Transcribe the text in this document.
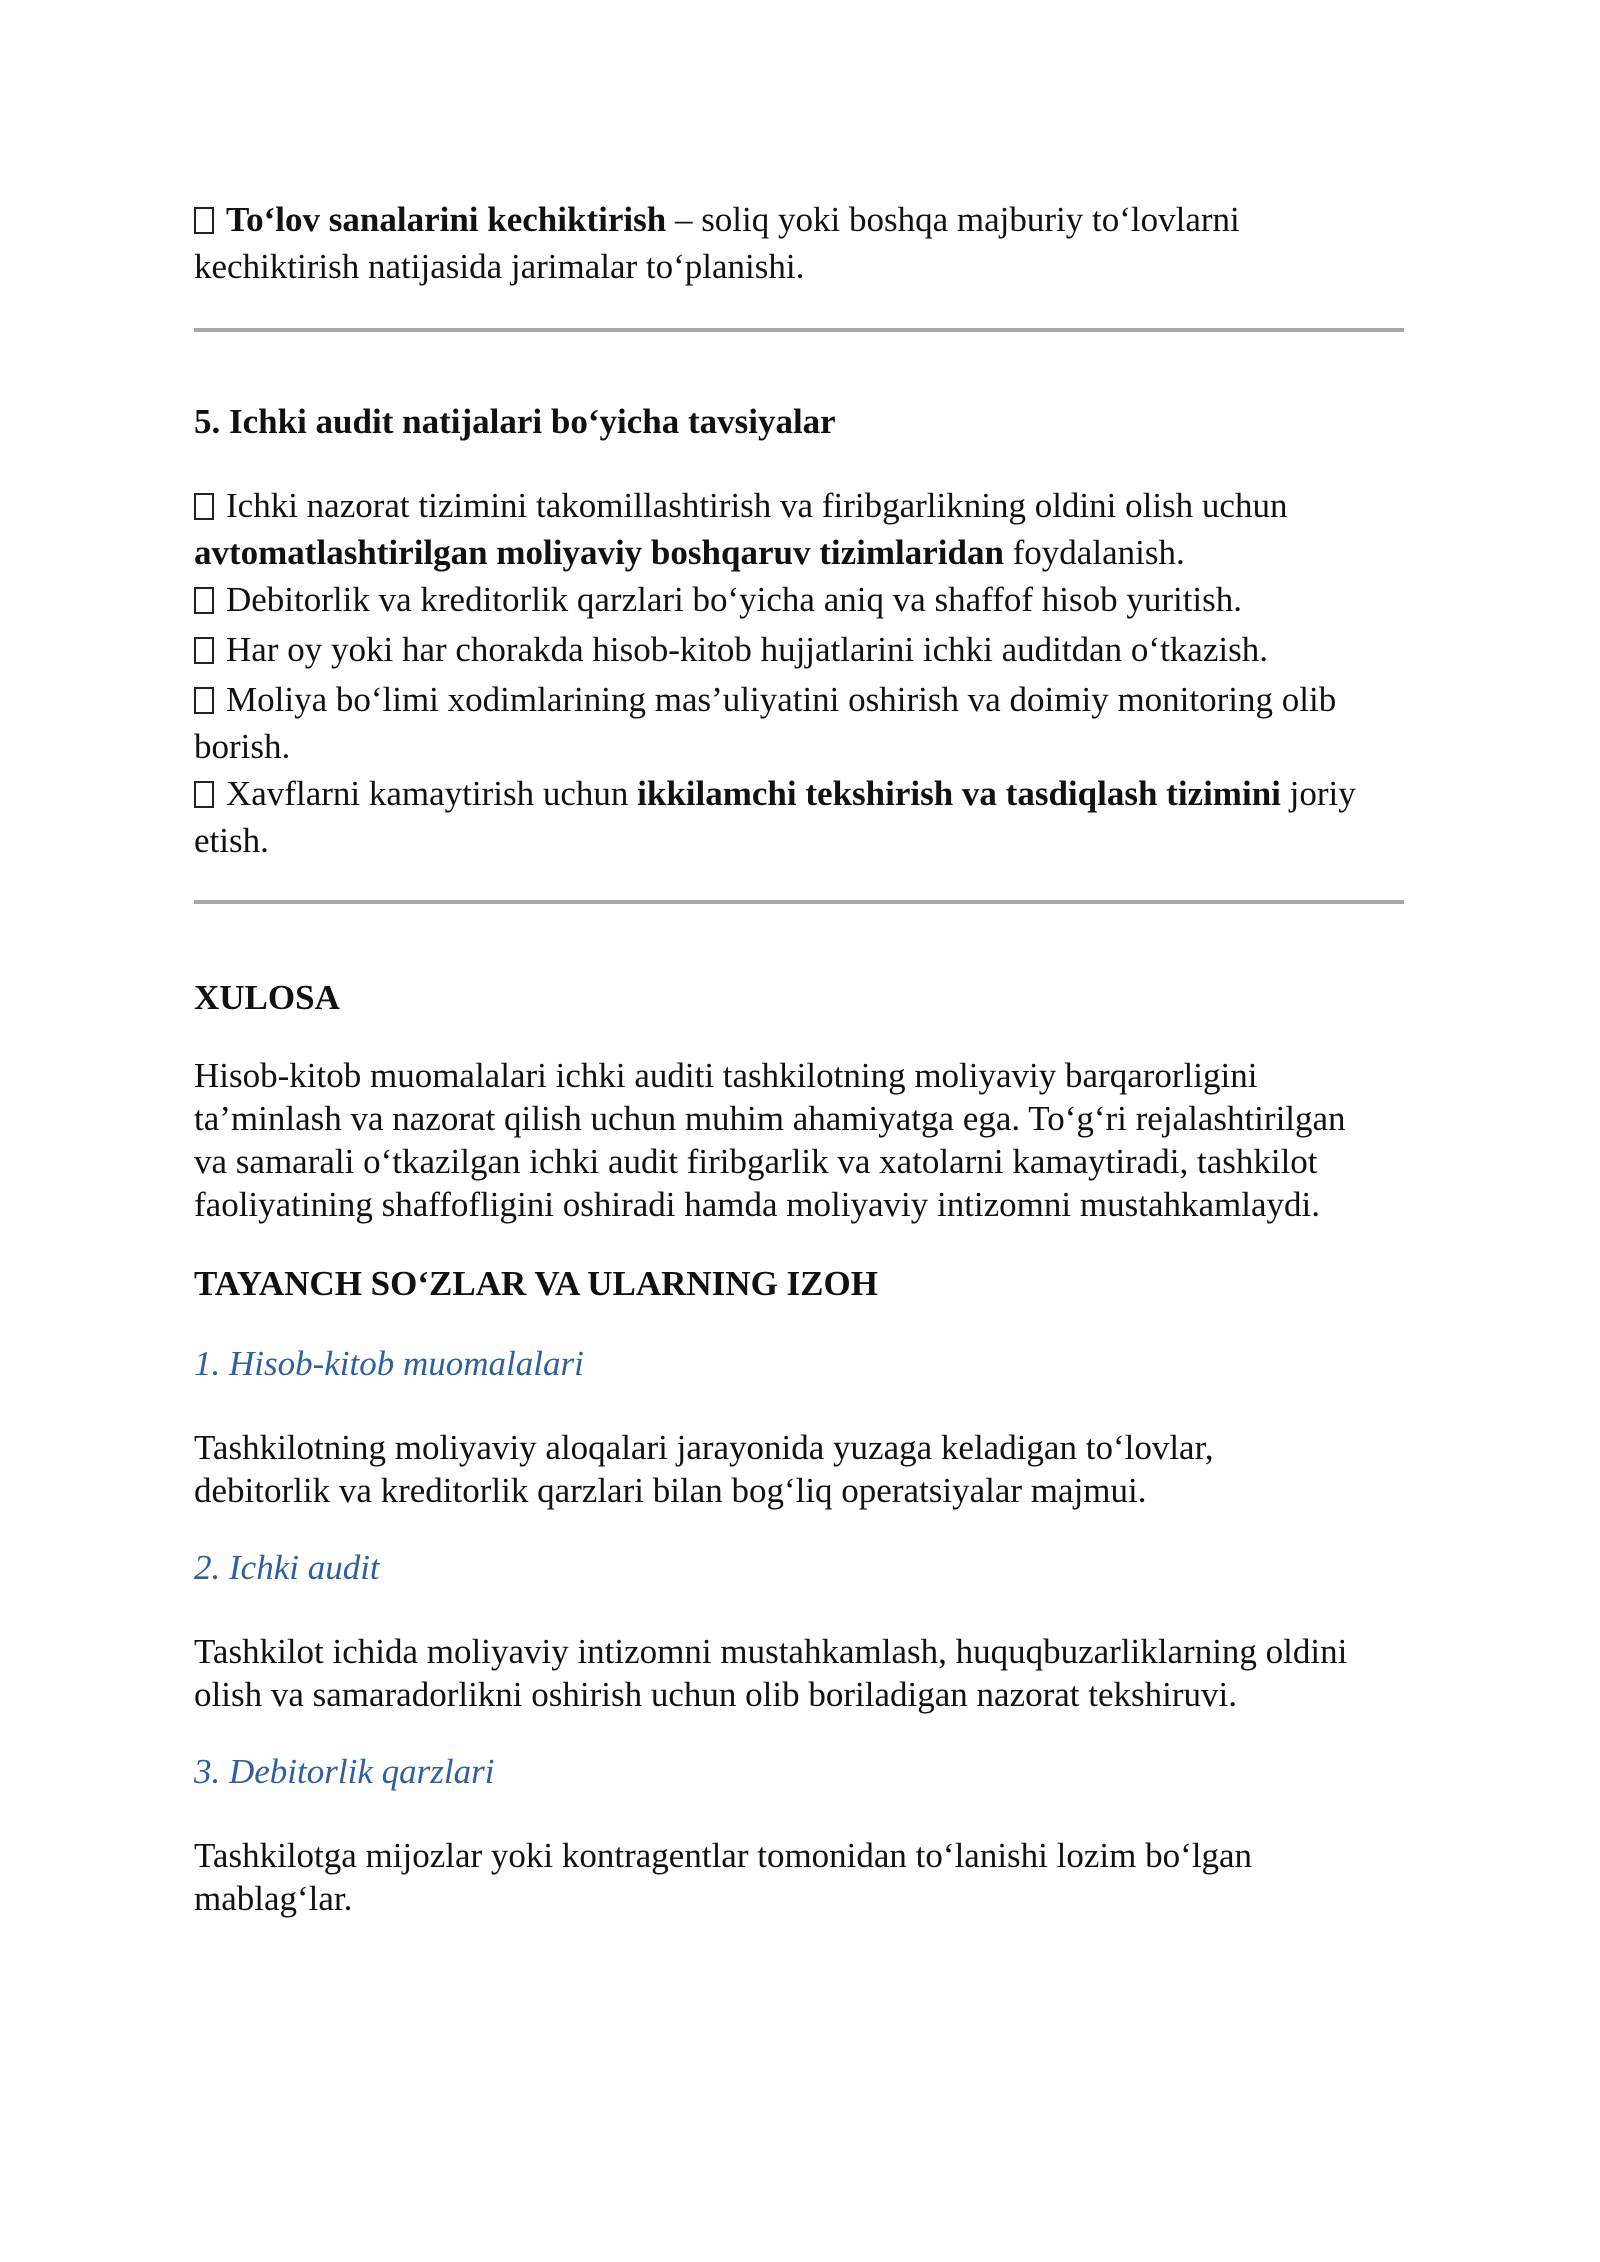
To‘lov sanalarini kechiktirish – soliq yoki boshqa majburiy to‘lovlarni kechiktirish natijasida jarimalar to‘planishi.

5. Ichki audit natijalari bo‘yicha tavsiyalar

Ichki nazorat tizimini takomillashtirish va firibgarlikning oldini olish uchun avtomatlashtirilgan moliyaviy boshqaruv tizimlaridan foydalanish.

Debitorlik va kreditorlik qarzlari bo‘yicha aniq va shaffof hisob yuritish.

Har oy yoki har chorakda hisob-kitob hujjatlarini ichki auditdan o‘tkazish.

Moliya bo‘limi xodimlarining mas’uliyatini oshirish va doimiy monitoring olib borish.

Xavflarni kamaytirish uchun ikkilamchi tekshirish va tasdiqlash tizimini joriy etish.

XULOSA

Hisob-kitob muomalalari ichki auditi tashkilotning moliyaviy barqarorligini ta’minlash va nazorat qilish uchun muhim ahamiyatga ega. To‘g‘ri rejalashtirilgan va samarali o‘tkazilgan ichki audit firibgarlik va xatolarni kamaytiradi, tashkilot faoliyatining shaffofligini oshiradi hamda moliyaviy intizomni mustahkamlaydi.

TAYANCH SO‘ZLAR VA ULARNING IZOH
1. Hisob-kitob muomalalari

Tashkilotning moliyaviy aloqalari jarayonida yuzaga keladigan to‘lovlar, debitorlik va kreditorlik qarzlari bilan bog‘liq operatsiyalar majmui.

2. Ichki audit

Tashkilot ichida moliyaviy intizomni mustahkamlash, huquqbuzarliklarning oldini olish va samaradorlikni oshirish uchun olib boriladigan nazorat tekshiruvi.

3. Debitorlik qarzlari

Tashkilotga mijozlar yoki kontragentlar tomonidan to‘lanishi lozim bo‘lgan mablag‘lar.
